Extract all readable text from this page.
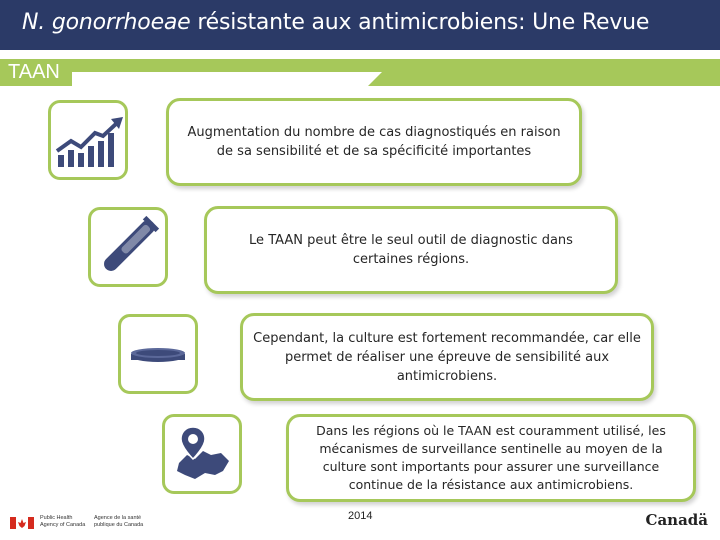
N. gonorrhoeae résistante aux antimicrobiens: Une Revue
TAAN
Augmentation du nombre de cas diagnostiqués en raison de sa sensibilité et de sa spécificité importantes
Le TAAN peut être le seul outil de diagnostic dans certaines régions.
Cependant, la culture est fortement recommandée, car elle permet de réaliser une épreuve de sensibilité aux antimicrobiens.
Dans les régions où le TAAN est couramment utilisé, les mécanismes de surveillance sentinelle au moyen de la culture sont importants pour assurer une surveillance continue de la résistance aux antimicrobiens.
Public Health Agency of Canada
Agence de la santé publique du Canada
2014	Canadä
